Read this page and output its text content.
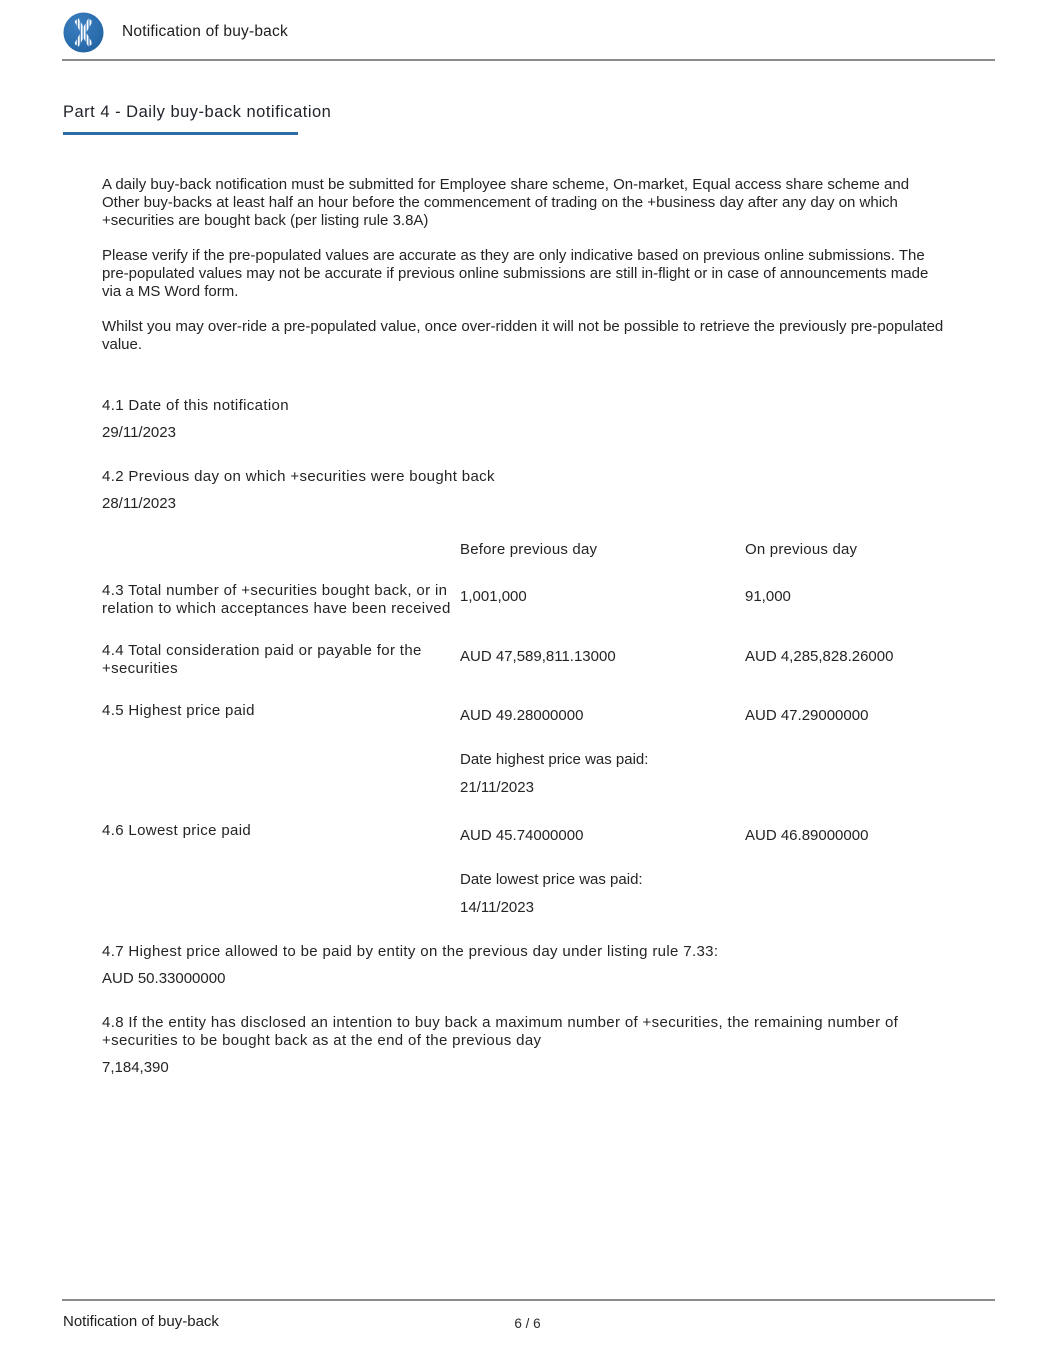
Notification of buy-back
Part 4 - Daily buy-back notification

A daily buy-back notification must be submitted for Employee share scheme, On-market, Equal access share scheme and Other buy-backs at least half an hour before the commencement of trading on the +business day after any day on which +securities are bought back (per listing rule 3.8A)

Please verify if the pre-populated values are accurate as they are only indicative based on previous online submissions. The pre-populated values may not be accurate if previous online submissions are still in-flight or in case of announcements made via a MS Word form.

Whilst you may over-ride a pre-populated value, once over-ridden it will not be possible to retrieve the previously pre-populated value.

4.1 Date of this notification
29/11/2023
4.2 Previous day on which +securities were bought back
28/11/2023
Before previous day	On previous day
4.3 Total number of +securities bought back, or in relation to which acceptances have been received
1,001,000	91,000
4.4 Total consideration paid or payable for the +securities
AUD 47,589,811.13000	AUD 4,285,828.26000
4.5 Highest price paid	AUD 49.28000000	AUD 47.29000000
Date highest price was paid:
21/11/2023
4.6 Lowest price paid	AUD 45.74000000	AUD 46.89000000
Date lowest price was paid:
14/11/2023
4.7 Highest price allowed to be paid by entity on the previous day under listing rule 7.33:
AUD 50.33000000
4.8 If the entity has disclosed an intention to buy back a maximum number of +securities, the remaining number of +securities to be bought back as at the end of the previous day
7,184,390
Notification of buy-back	6 / 6
